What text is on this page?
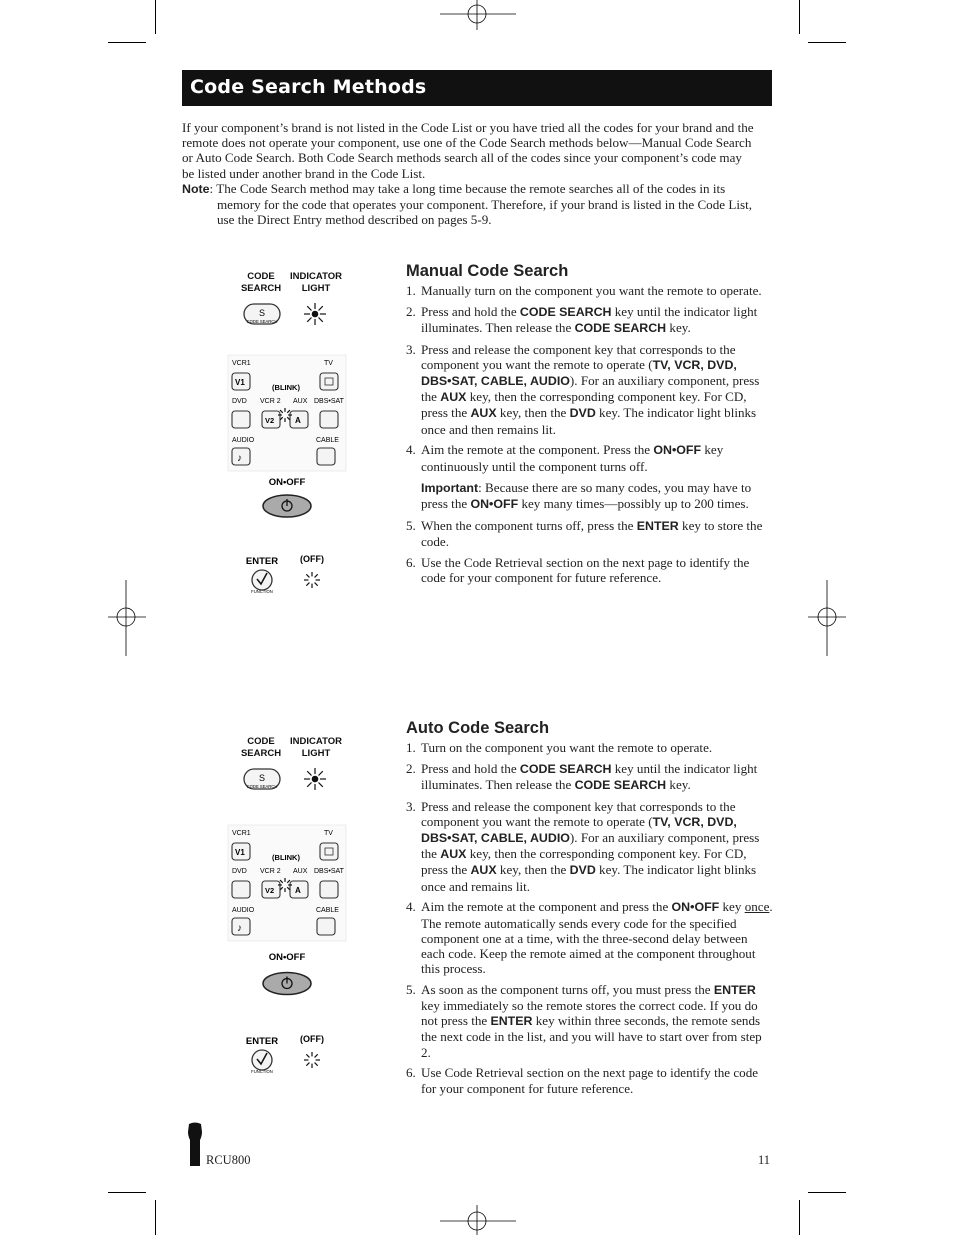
Code Search Methods

If your component’s brand is not listed in the Code List or you have tried all the codes for your brand and the remote does not operate your component, use one of the Code Search methods below—Manual Code Search or Auto Code Search. Both Code Search methods search all of the codes since your component’s code may be listed under another brand in the Code List.

Note: The Code Search method may take a long time because the remote searches all of the codes in its memory for the code that operates your component. Therefore, if your brand is listed in the Code List, use the Direct Entry method described on pages 5-9.

Manual Code Search
Auto Code Search
1. Manually turn on the component you want the remote to operate.
2. Press and hold the CODE SEARCH key until the indicator light illuminates. Then release the CODE SEARCH key.
3. Press and release the component key that corresponds to the component you want the remote to operate (TV, VCR, DVD, DBS•SAT, CABLE, AUDIO). For an auxiliary component, press the AUX key, then the corresponding component key. For CD, press the AUX key, then the DVD key. The indicator light blinks once and then remains lit.
4. Aim the remote at the component. Press the ON•OFF key continuously until the component turns off.
Important: Because there are so many codes, you may have to press the ON•OFF key many times—possibly up to 200 times.
5. When the component turns off, press the ENTER key to store the code.
6. Use the Code Retrieval section on the next page to identify the code for your component for future reference.
1. Turn on the component you want the remote to operate.
2. Press and hold the CODE SEARCH key until the indicator light illuminates. Then release the CODE SEARCH key.
3. Press and release the component key that corresponds to the component you want the remote to operate (TV, VCR, DVD, DBS•SAT, CABLE, AUDIO). For an auxiliary component, press the AUX key, then the corresponding component key. For CD, press the AUX key, then the DVD key. The indicator light blinks once and remains lit.
4. Aim the remote at the component and press the ON•OFF key once. The remote automatically sends every code for the specified component one at a time, with the three-second delay between each code. Keep the remote aimed at the component throughout this process.
5. As soon as the component turns off, you must press the ENTER key immediately so the remote stores the correct code. If you do not press the ENTER key within three seconds, the remote sends the next code in the list, and you will have to start over from step 2.
6. Use Code Retrieval section on the next page to identify the code for your component for future reference.
S
CODE SEARCH
VCR1	TV
V1
(BLINK)
DVD VCR 2 AUX DBS•SAT
V2	A
AUDIO	CABLE
♪
ON•OFF
ENTER (OFF)
FUNCTION
CODE SEARCH
INDICATOR LIGHT
S
CODE SEARCH
VCR1	TV
V1
(BLINK)
DVD VCR 2 AUX DBS•SAT
V2	A
AUDIO	CABLE
♪
ON•OFF
ENTER (OFF)
FUNCTION
CODE SEARCH
INDICATOR LIGHT
RCU800	11
